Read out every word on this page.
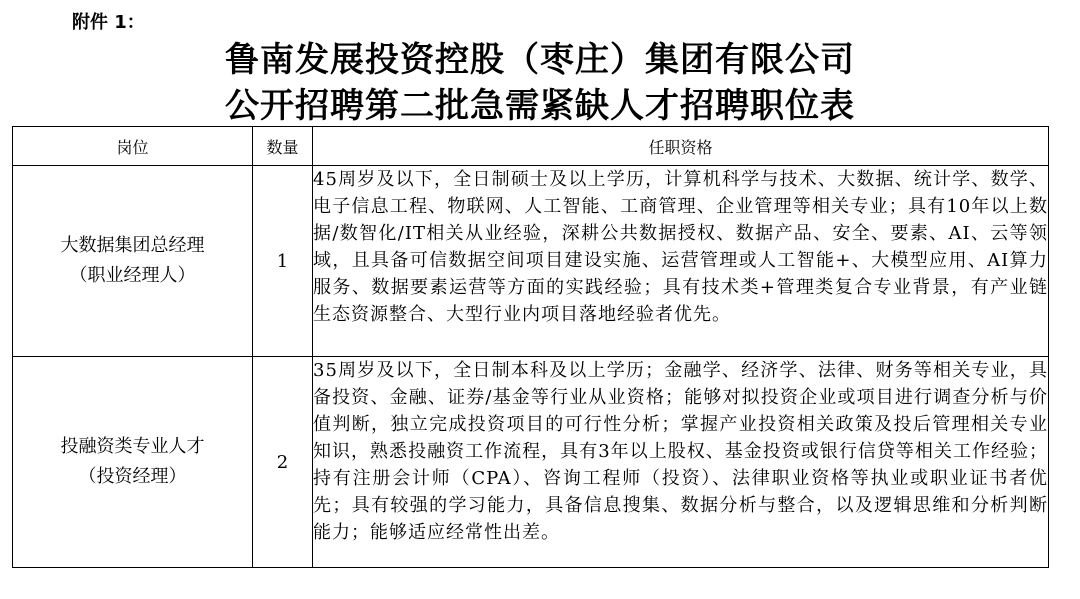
附件 1：
鲁南发展投资控股（枣庄）集团有限公司
公开招聘第二批急需紧缺人才招聘职位表
岗位	数量	任职资格

大数据集团总经理
（职业经理人）	1	45周岁及以下，全日制硕士及以上学历，计算机科学与技术、大数据、统计学、数学、电子信息工程、物联网、人工智能、工商管理、企业管理等相关专业；具有10年以上数据/数智化/IT相关从业经验，深耕公共数据授权、数据产品、安全、要素、AI、云等领域，且具备可信数据空间项目建设实施、运营管理或人工智能+、大模型应用、AI算力服务、数据要素运营等方面的实践经验；具有技术类+管理类复合专业背景，有产业链生态资源整合、大型行业内项目落地经验者优先。

投融资类专业人才
（投资经理）	2	35周岁及以下，全日制本科及以上学历；金融学、经济学、法律、财务等相关专业，具备投资、金融、证券/基金等行业从业资格；能够对拟投资企业或项目进行调查分析与价值判断，独立完成投资项目的可行性分析；掌握产业投资相关政策及投后管理相关专业知识，熟悉投融资工作流程，具有3年以上股权、基金投资或银行信贷等相关工作经验；持有注册会计师（CPA）、咨询工程师（投资）、法律职业资格等执业或职业证书者优先；具有较强的学习能力，具备信息搜集、数据分析与整合，以及逻辑思维和分析判断能力；能够适应经常性出差。
